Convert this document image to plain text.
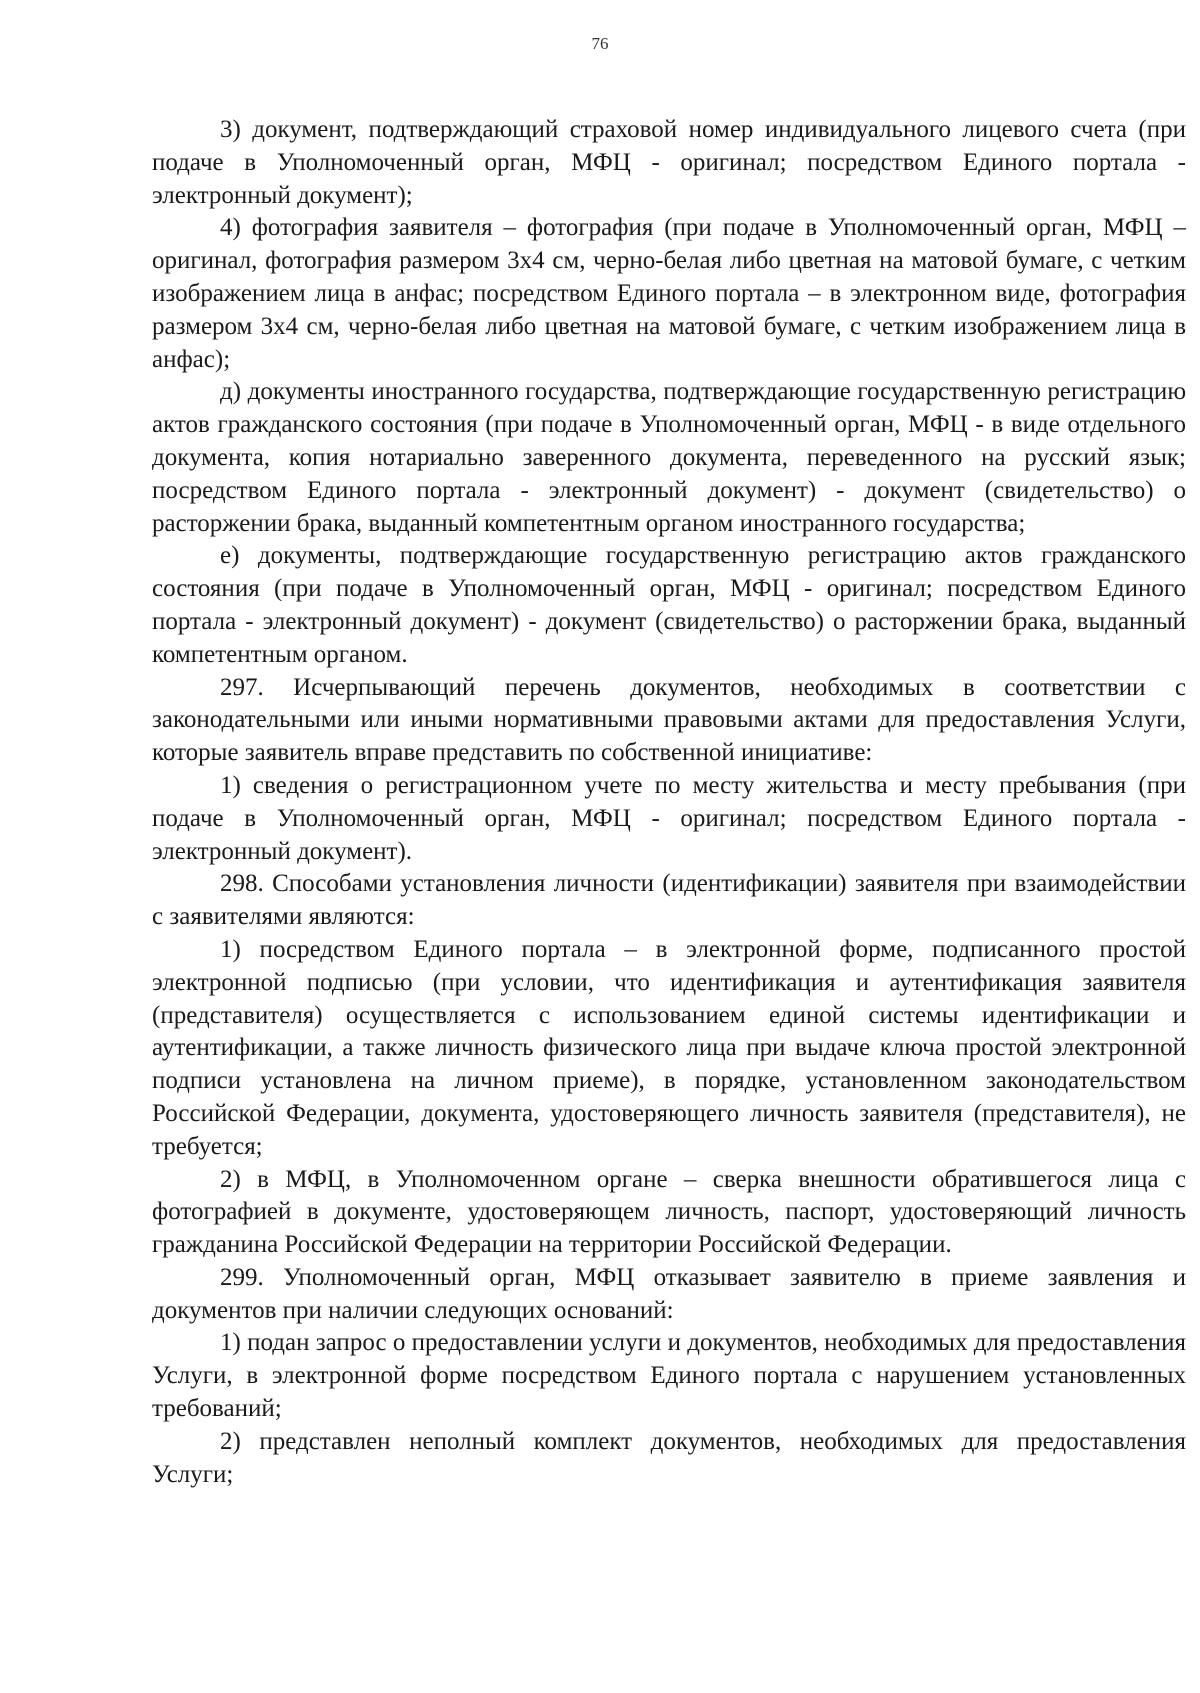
76

3) документ, подтверждающий страховой номер индивидуального лицевого счета (при подаче в Уполномоченный орган, МФЦ - оригинал; посредством Единого портала - электронный документ);

4) фотография заявителя – фотография (при подаче в Уполномоченный орган, МФЦ – оригинал, фотография размером 3х4 см, черно-белая либо цветная на матовой бумаге, с четким изображением лица в анфас; посредством Единого портала – в электронном виде, фотография размером 3х4 см, черно-белая либо цветная на матовой бумаге, с четким изображением лица в анфас);

д) документы иностранного государства, подтверждающие государственную регистрацию актов гражданского состояния (при подаче в Уполномоченный орган, МФЦ - в виде отдельного документа, копия нотариально заверенного документа, переведенного на русский язык; посредством Единого портала - электронный документ) - документ (свидетельство) о расторжении брака, выданный компетентным органом иностранного государства;

е) документы, подтверждающие государственную регистрацию актов гражданского состояния (при подаче в Уполномоченный орган, МФЦ - оригинал; посредством Единого портала - электронный документ) - документ (свидетельство) о расторжении брака, выданный компетентным органом.

297. Исчерпывающий перечень документов, необходимых в соответствии с законодательными или иными нормативными правовыми актами для предоставления Услуги, которые заявитель вправе представить по собственной инициативе:

1) сведения о регистрационном учете по месту жительства и месту пребывания (при подаче в Уполномоченный орган, МФЦ - оригинал; посредством Единого портала - электронный документ).

298. Способами установления личности (идентификации) заявителя при взаимодействии с заявителями являются:

1) посредством Единого портала – в электронной форме, подписанного простой электронной подписью (при условии, что идентификация и аутентификация заявителя (представителя) осуществляется с использованием единой системы идентификации и аутентификации, а также личность физического лица при выдаче ключа простой электронной подписи установлена на личном приеме), в порядке, установленном законодательством Российской Федерации, документа, удостоверяющего личность заявителя (представителя), не требуется;

2) в МФЦ, в Уполномоченном органе – сверка внешности обратившегося лица с фотографией в документе, удостоверяющем личность, паспорт, удостоверяющий личность гражданина Российской Федерации на территории Российской Федерации.

299. Уполномоченный орган, МФЦ отказывает заявителю в приеме заявления и документов при наличии следующих оснований:

1) подан запрос о предоставлении услуги и документов, необходимых для предоставления Услуги, в электронной форме посредством Единого портала с нарушением установленных требований;

2) представлен неполный комплект документов, необходимых для предоставления Услуги;
